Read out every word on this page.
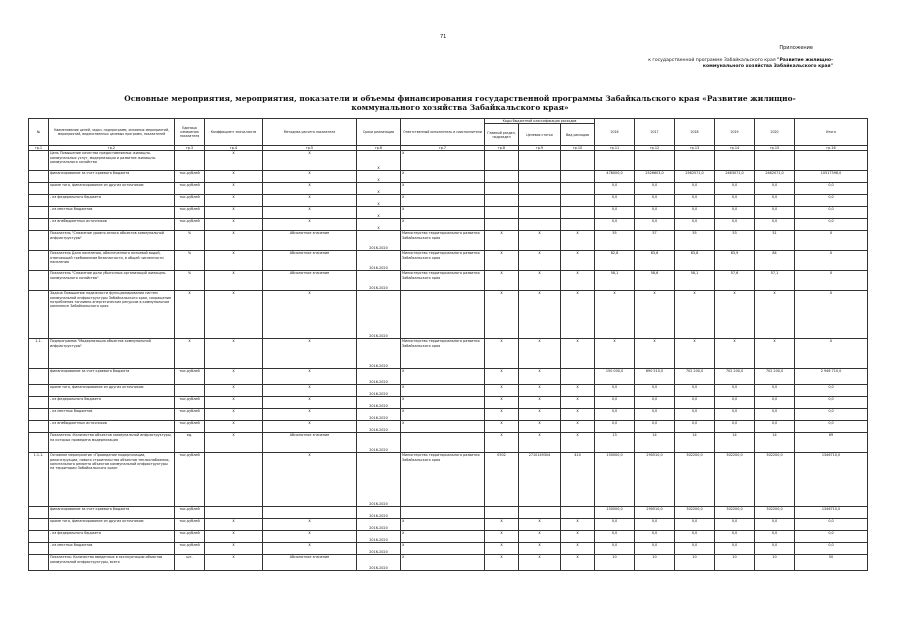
71
Приложение
к государственной программе Забайкальского края "Развитие жилищно-коммунального хозяйства Забайкальского края"
Основные мероприятия, мероприятия, показатели и объемы финансирования государственной программы Забайкальского края «Развитие жилищно-коммунального хозяйства Забайкальского края»
№	Наименование целей, задач, подпрограмм, основных мероприятий, мероприятий, ведомственных целевых программ, показателей	Единица измерения показателя	Коэффициент значи-мости	Методика расчета показателя	Сроки реализации	Ответственный исполнитель и соисполнители	Коды бюджетной классификации расходов			2016	2017	2018	2019	2020	Итого
							Главный раздел, подраздел	Целевая статья	Вид расходов						
гр.1	гр.2	гр.3	гр.4	гр.5	гр.6	гр.7	гр.8	гр.9	гр.10	гр.11	гр.12	гр.13	гр.14	гр.15	гр.16
	Цель Повышение качества предоставляемых жилищно-коммунальных услуг, модернизация и развитие жилищно-коммунального хозяйства		Х	Х	Х	Х									
	финансирование за счет краевого бюджета	тыс.рублей	Х	Х	Х	Х				476000,0	2526603,0	2562571,0	2463071,0	2462071,0	10517398,0
	кроме того, финансирование из других источников:	тыс.рублей	Х	Х	Х	Х				0,0	0,0	0,0	0,0	0,0	0,0
	- из федерального бюджета	тыс.рублей	Х	Х	Х	Х				0,0	0,0	0,0	0,0	0,0	0,0
	- из местных бюджетов	тыс.рублей	Х	Х	Х	Х				0,0	0,0	0,0	0,0	0,0	0,0
	- из внебюджетных источников	тыс.рублей	Х	Х	Х	Х				0,0	0,0	0,0	0,0	0,0	0,0
	Показатель "Снижение уровня износа объектов коммунальной инфраструктуры"	%	Х	Абсолютное значение	2016-2020	Министерство территориального развития Забайкальского края	Х	Х	Х	55	57	55	53	51	Х
	Показатель Доля населения, обеспеченного питьевой водой, отвечающей требованиям безопасности, в общей численности населения	%	Х	Абсолютное значение	2016-2020	Министерство территориального развития Забайкальского края	Х	Х	Х	82,8	83,6	83,8	83,9	84	Х
	Показатель "Снижение доли убыточных организаций жилищно-коммунального хозяйства"	%	Х	Абсолютное значение	2016-2020	Министерство территориального развития Забайкальского края	Х	Х	Х	58,1	58,6	58,1	57,6	57,1	Х
	Задача Повышение надежности функционирования систем коммунальной инфраструктуры Забайкальского края, сокращение потребления топливно-энергетических ресурсов в коммунальном комплексе Забайкальского края	Х	Х	Х	2016-2020		Х	Х	Х	Х	Х	Х	Х	Х	Х
1.1.	Подпрограмма "Модернизация объектов коммунальной инфраструктуры"	Х	Х	Х	2016-2020	Министерство территориального развития Забайкальского края	Х	Х	Х	Х	Х	Х	Х	Х	Х
	финансирование за счет краевого бюджета	тыс.рублей	Х	Х	2016-2020	Х	Х	Х		150 000,0	690 510,0	702 200,0	702 200,0	702 200,0	2 946 710,0
	кроме того, финансирование из других источников:		Х	Х	2016-2020	Х	Х	Х	Х	0,0	0,0	0,0	0,0	0,0	0,0
	- из федерального бюджета	тыс.рублей	Х	Х	2016-2020	Х	Х	Х	Х	0,0	0,0	0,0	0,0	0,0	0,0
	- из местных бюджетов	тыс.рублей	Х	Х	2016-2020	Х	Х	Х	Х	0,0	0,0	0,0	0,0	0,0	0,0
	- из внебюджетных источников	тыс.рублей	Х	Х	2016-2020	Х	Х	Х	Х	0,0	0,0	0,0	0,0	0,0	0,0
	Показатель :Количество объектов коммунальной инфраструктуры, на которых проведена модернизация	ед.	Х	Абсолютное значение	2016-2020		Х	Х	Х	13	14	14	14	14	69
1.1.1.	Основное мероприятие «Проведение модернизации, реконструкции, нового строительства объектов теплоснабжения, капитального ремонта объектов коммунальной инфраструктуры на территории Забайкальского края»	тыс.рублей		Х	2016-2020	Министерство территориального развития Забайкальского края	0502	2710149304	414	150000,0	290510,0	302200,0	302200,0	302200,0	1346710,0
	финансирование за счет краевого бюджета	тыс.рублей			2016-2020					150000,0	290510,0	302200,0	302200,0	302200,0	1346710,0
	кроме того, финансирование из других источников:	тыс.рублей	Х	Х	2016-2020	Х	Х	Х	Х	0,0	0,0	0,0	0,0	0,0	0,0
	- из федерального бюджета	тыс.рублей	Х	Х	2016-2020	Х	Х	Х	Х	0,0	0,0	0,0	0,0	0,0	0,0
	- из местных бюджетов	тыс.рублей	Х	Х	2016-2020	Х	Х	Х	Х	0,0	0,0	0,0	0,0	0,0	0,0
	Показатель: Количество введенных в эксплуатацию объектов коммунальной инфраструктуры, всего	шт.	Х	Абсолютное значение	2016-2020	Х	Х	Х	Х	10	10	10	10	10	50
